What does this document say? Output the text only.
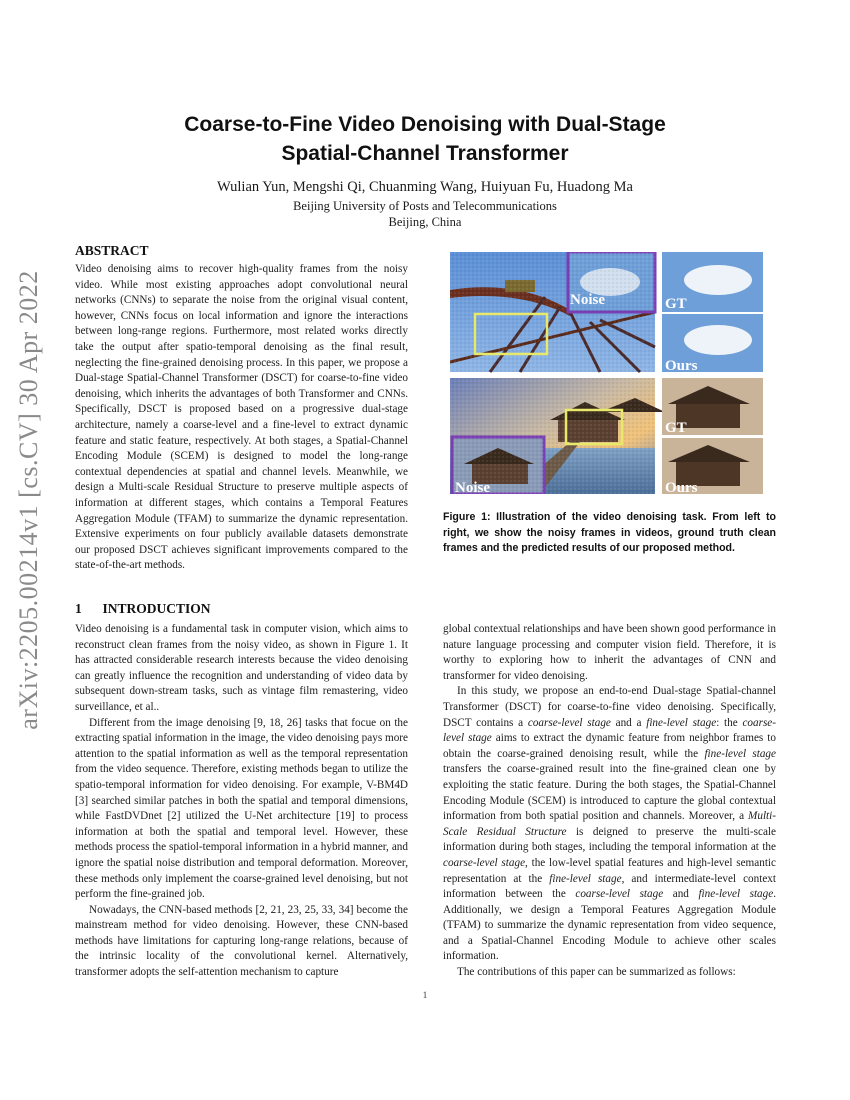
arXiv:2205.00214v1 [cs.CV] 30 Apr 2022
Coarse-to-Fine Video Denoising with Dual-Stage
Spatial-Channel Transformer
Wulian Yun, Mengshi Qi, Chuanming Wang, Huiyuan Fu, Huadong Ma
Beijing University of Posts and Telecommunications
Beijing, China
ABSTRACT

Video denoising aims to recover high-quality frames from the noisy video. While most existing approaches adopt convolutional neural networks (CNNs) to separate the noise from the original visual content, however, CNNs focus on local information and ignore the interactions between long-range regions. Furthermore, most related works directly take the output after spatio-temporal denoising as the final result, neglecting the fine-grained denoising process. In this paper, we propose a Dual-stage Spatial-Channel Transformer (DSCT) for coarse-to-fine video denoising, which inherits the advantages of both Transformer and CNNs. Specifically, DSCT is proposed based on a progressive dual-stage architecture, namely a coarse-level and a fine-level to extract dynamic feature and static feature, respectively. At both stages, a Spatial-Channel Encoding Module (SCEM) is designed to model the long-range contextual dependencies at spatial and channel levels. Meanwhile, we design a Multi-scale Residual Structure to preserve multiple aspects of information at different stages, which contains a Temporal Features Aggregation Module (TFAM) to summarize the dynamic representation. Extensive experiments on four publicly available datasets demonstrate our proposed DSCT achieves significant improvements compared to the state-of-the-art methods.

1 INTRODUCTION

Video denoising is a fundamental task in computer vision, which aims to reconstruct clean frames from the noisy video, as shown in Figure 1. It has attracted considerable research interests because the video denoising can greatly influence the recognition and understanding of video data by subsequent down-stream tasks, such as vintage film remastering, video surveillance, et al..

Different from the image denoising [9, 18, 26] tasks that focue on the extracting spatial information in the image, the video denoising pays more attention to the spatial information as well as the temporal representation from the video sequence. Therefore, existing methods began to utilize the spatio-temporal information for video denoising. For example, V-BM4D [3] searched similar patches in both the spatial and temporal dimensions, while FastDVDnet [2] utilized the U-Net architecture [19] to process information at both the spatial and temporal level. However, these methods process the spatiol-temporal information in a hybrid manner, and ignore the spatial noise distribution and temporal deformation. Moreover, these methods only implement the coarse-grained level denoising, but not perform the fine-grained job.

Nowadays, the CNN-based methods [2, 21, 23, 25, 33, 34] become the mainstream method for video denoising. However, these CNN-based methods have limitations for capturing long-range relations, because of the intrinsic locality of the convolutional kernel. Alternatively, transformer adopts the self-attention mechanism to capture

global contextual relationships and have been shown good performance in nature language processing and computer vision field. Therefore, it is worthy to exploring how to inherit the advantages of CNN and transformer for video denoising.

In this study, we propose an end-to-end Dual-stage Spatial-channel Transformer (DSCT) for coarse-to-fine video denoising. Specifically, DSCT contains a coarse-level stage and a fine-level stage: the coarse-level stage aims to extract the dynamic feature from neighbor frames to obtain the coarse-grained denoising result, while the fine-level stage transfers the coarse-grained result into the fine-grained clean one by exploiting the static feature. During the both stages, the Spatial-Channel Encoding Module (SCEM) is introduced to capture the global contextual information from both spatial position and channels. Moreover, a Multi-Scale Residual Structure is deigned to preserve the multi-scale information during both stages, including the temporal information at the coarse-level stage, the low-level spatial features and high-level semantic representation at the fine-level stage, and intermediate-level context information between the coarse-level stage and fine-level stage. Additionally, we design a Temporal Features Aggregation Module (TFAM) to summarize the dynamic representation from video sequence, and a Spatial-Channel Encoding Module to achieve other scales information.

The contributions of this paper can be summarized as follows:

Noise	GT
Ours
Noise
GT
Ours
Figure 1: Illustration of the video denoising task. From left to right, we show the noisy frames in videos, ground truth clean frames and the predicted results of our proposed method.
1
